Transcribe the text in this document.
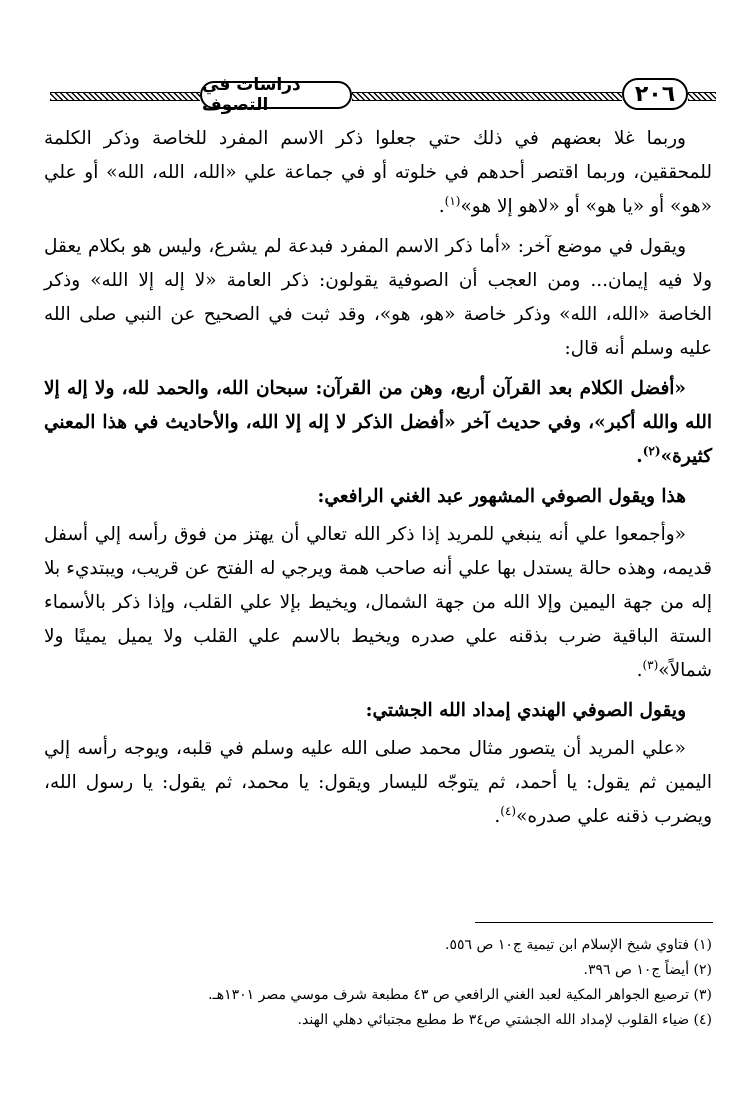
دراسات في التصوف	٢٠٦

وربما غلا بعضهم في ذلك حتي جعلوا ذكر الاسم المفرد للخاصة وذكر الكلمة للمحققين، وربما اقتصر أحدهم في خلوته أو في جماعة علي «الله، الله، الله» أو علي «هو» أو «يا هو» أو «لاهو إلا هو»$^{(١)}$.

ويقول في موضع آخر: «أما ذكر الاسم المفرد فبدعة لم يشرع، وليس هو بكلام يعقل ولا فيه إيمان... ومن العجب أن الصوفية يقولون: ذكر العامة «لا إله إلا الله» وذكر الخاصة «الله، الله» وذكر خاصة «هو، هو»، وقد ثبت في الصحيح عن النبي صلى الله عليه وسلم أنه قال:

«أفضل الكلام بعد القرآن أربع، وهن من القرآن: سبحان الله، والحمد لله، ولا إله إلا الله والله أكبر»، وفي حديث آخر «أفضل الذكر لا إله إلا الله، والأحاديث في هذا المعني كثيرة»$^{(٢)}$.

هذا ويقول الصوفي المشهور عبد الغني الرافعي:

«وأجمعوا علي أنه ينبغي للمريد إذا ذكر الله تعالي أن يهتز من فوق رأسه إلي أسفل قديمه، وهذه حالة يستدل بها علي أنه صاحب همة ويرجي له الفتح عن قريب، ويبتديء بلا إله من جهة اليمين وإلا الله من جهة الشمال، ويخيط بإلا علي القلب، وإذا ذكر بالأسماء الستة الباقية ضرب بذقنه علي صدره ويخيط بالاسم علي القلب ولا يميل يمينًا ولا شمالاً»$^{(٣)}$.

ويقول الصوفي الهندي إمداد الله الجشتي:

«علي المريد أن يتصور مثال محمد صلى الله عليه وسلم في قلبه، ويوجه رأسه إلي اليمين ثم يقول: يا أحمد، ثم يتوجّه لليسار ويقول: يا محمد، ثم يقول: يا رسول الله، ويضرب ذقنه علي صدره»$^{(٤)}$.

(١) فتاوي شيخ الإسلام ابن تيمية ج١٠ ص ٥٥٦.
(٢) أيضاً ج١٠ ص ٣٩٦.
(٣) ترصيع الجواهر المكية لعبد الغني الرافعي ص ٤٣ مطبعة شرف موسي مصر ١٣٠١هـ.
(٤) ضياء القلوب لإمداد الله الجشتي ص٣٤ ط مطبع مجتبائي دهلي الهند.
